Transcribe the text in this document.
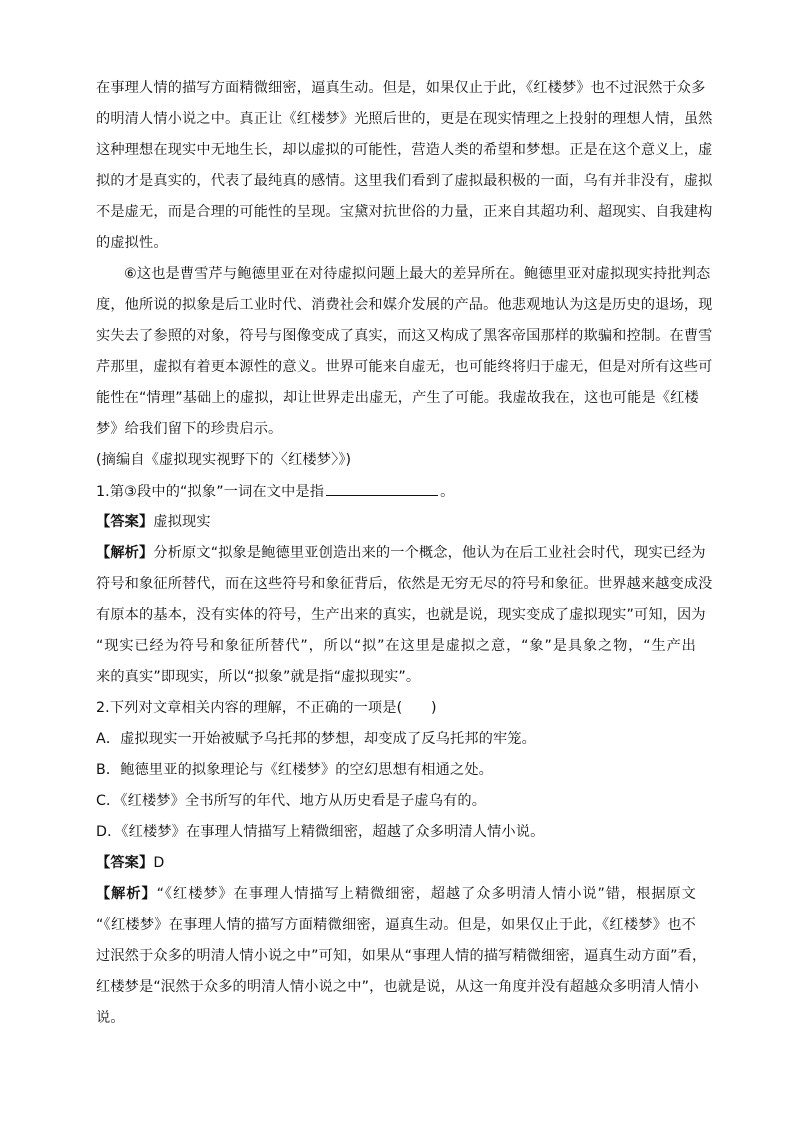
在事理人情的描写方面精微细密，逼真生动。但是，如果仅止于此，《红楼梦》也不过泯然于众多
的明清人情小说之中。真正让《红楼梦》光照后世的，更是在现实情理之上投射的理想人情，虽然
这种理想在现实中无地生长，却以虚拟的可能性，营造人类的希望和梦想。正是在这个意义上，虚
拟的才是真实的，代表了最纯真的感情。这里我们看到了虚拟最积极的一面，乌有并非没有，虚拟
不是虚无，而是合理的可能性的呈现。宝黛对抗世俗的力量，正来自其超功利、超现实、自我建构
的虚拟性。
⑥这也是曹雪芹与鲍德里亚在对待虚拟问题上最大的差异所在。鲍德里亚对虚拟现实持批判态
度，他所说的拟象是后工业时代、消费社会和媒介发展的产品。他悲观地认为这是历史的退场，现
实失去了参照的对象，符号与图像变成了真实，而这又构成了黑客帝国那样的欺骗和控制。在曹雪
芹那里，虚拟有着更本源性的意义。世界可能来自虚无，也可能终将归于虚无，但是对所有这些可
能性在“情理”基础上的虚拟，却让世界走出虚无，产生了可能。我虚故我在，这也可能是《红楼
梦》给我们留下的珍贵启示。
(摘编自《虚拟现实视野下的〈红楼梦〉》)
1.第③段中的“拟象”一词在文中是指	。
【答案】虚拟现实
【解析】分析原文“拟象是鲍德里亚创造出来的一个概念，他认为在后工业社会时代，现实已经为
符号和象征所替代，而在这些符号和象征背后，依然是无穷无尽的符号和象征。世界越来越变成没
有原本的基本，没有实体的符号，生产出来的真实，也就是说，现实变成了虚拟现实”可知，因为
“现实已经为符号和象征所替代”，所以“拟”在这里是虚拟之意，“象”是具象之物，“生产出
来的真实”即现实，所以“拟象”就是指“虚拟现实”。
2.下列对文章相关内容的理解，不正确的一项是(　　)
A．虚拟现实一开始被赋予乌托邦的梦想，却变成了反乌托邦的牢笼。
B．鲍德里亚的拟象理论与《红楼梦》的空幻思想有相通之处。
C．《红楼梦》全书所写的年代、地方从历史看是子虚乌有的。
D．《红楼梦》在事理人情描写上精微细密，超越了众多明清人情小说。
【答案】D
【解析】“《红楼梦》在事理人情描写上精微细密，超越了众多明清人情小说”错，根据原文
“《红楼梦》在事理人情的描写方面精微细密，逼真生动。但是，如果仅止于此，《红楼梦》也不
过泯然于众多的明清人情小说之中”可知，如果从“事理人情的描写精微细密，逼真生动方面”看，
红楼梦是“泯然于众多的明清人情小说之中”，也就是说，从这一角度并没有超越众多明清人情小
说。
